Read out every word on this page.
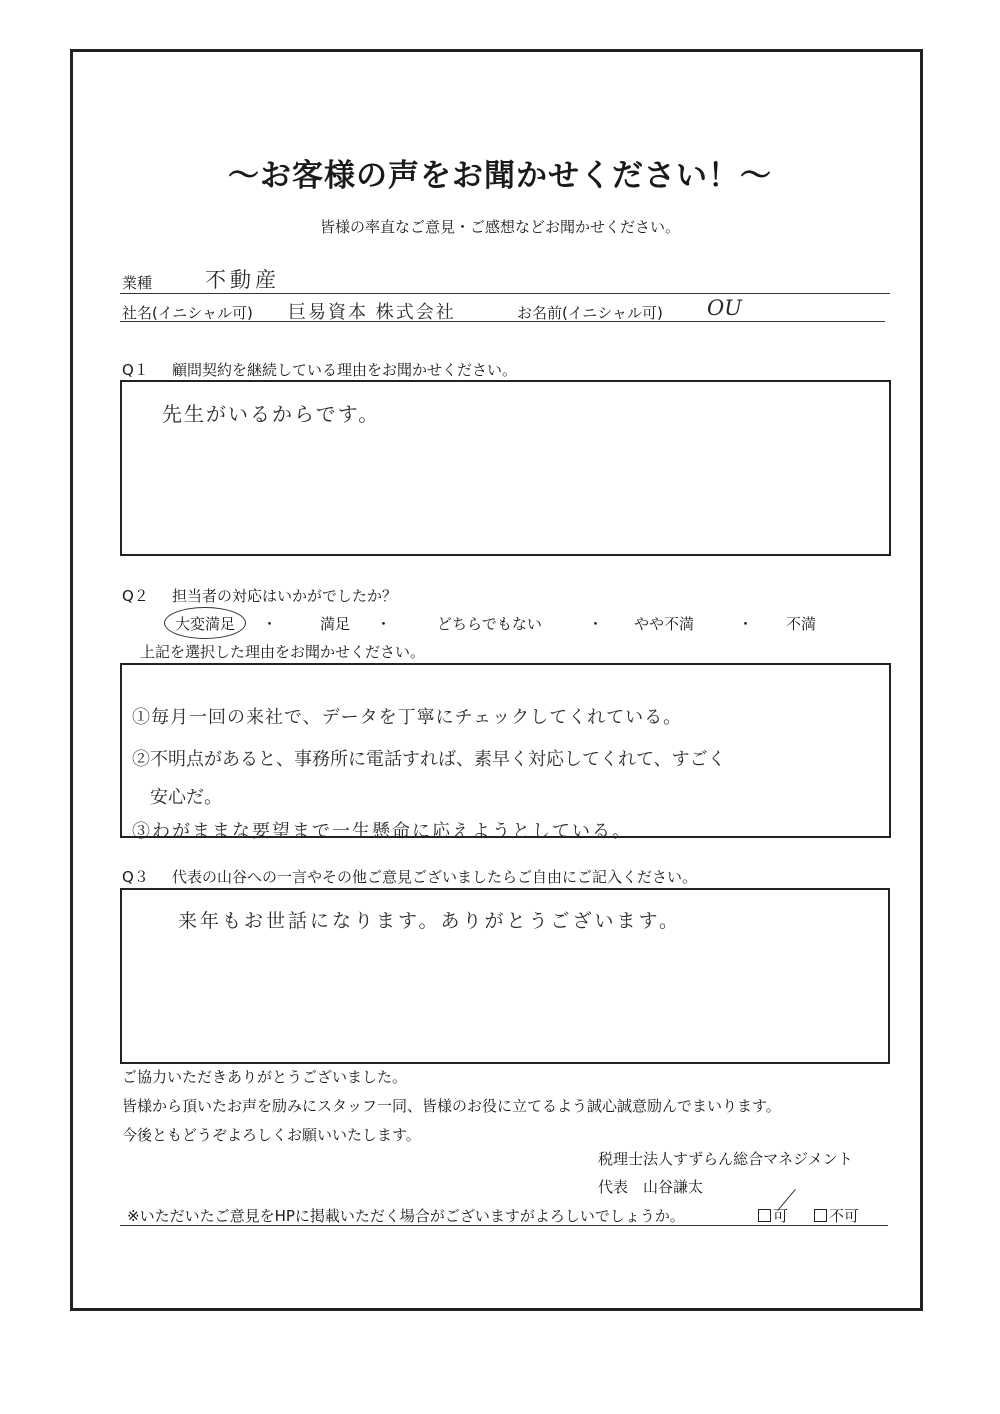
〜お客様の声をお聞かせください！〜
皆様の率直なご意見・ご感想などお聞かせください。
業種	不動産
社名(イニシャル可) 巨易資本 株式会社	お名前(イニシャル可) OU
Q１ 顧問契約を継続している理由をお聞かせください。
先生がいるからです。
Q２ 担当者の対応はいかがでしたか？
大変満足 ・	満足 ・	どちらでもない	・ やや不満	・ 不満
上記を選択した理由をお聞かせください。
①毎月一回の来社で、データを丁寧にチェックしてくれている。
②不明点があると、事務所に電話すれば、素早く対応してくれて、すごく
安心だ。
③わがままな要望まで一生懸命に応えようとしている。
Q３ 代表の山谷への一言やその他ご意見ございましたらご自由にご記入ください。
来年もお世話になります。ありがとうございます。
ご協力いただきありがとうございました。
皆様から頂いたお声を励みにスタッフ一同、皆様のお役に立てるよう誠心誠意励んでまいります。
今後ともどうぞよろしくお願いいたします。
税理士法人すずらん総合マネジメント
代表　山谷謙太
※いただいたご意見をHPに掲載いただく場合がございますがよろしいでしょうか。	可	不可
